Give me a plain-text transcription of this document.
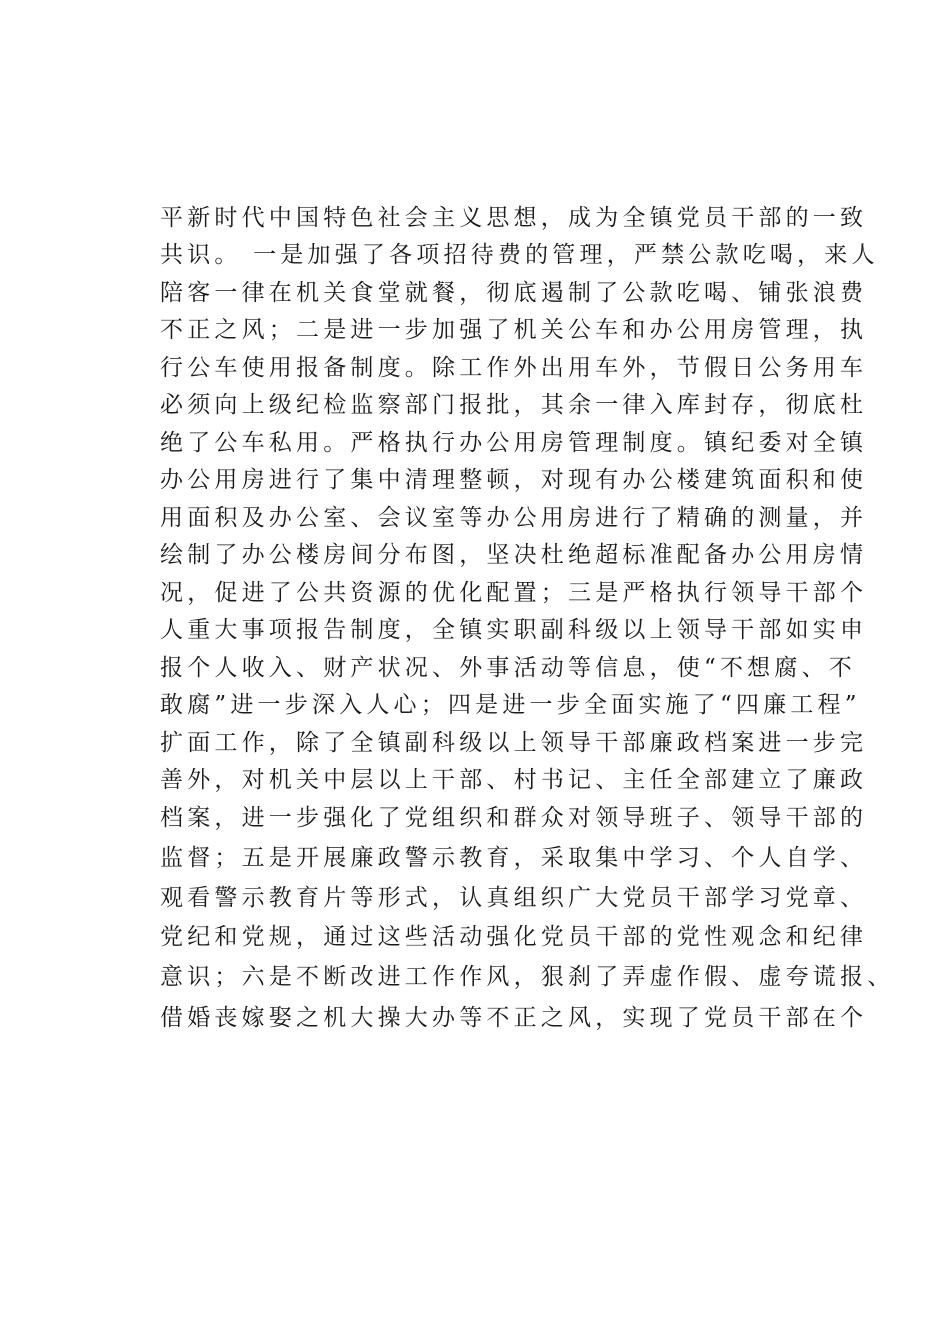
平新时代中国特色社会主义思想，成为全镇党员干部的一致
共识。 一是加强了各项招待费的管理，严禁公款吃喝，来人
陪客一律在机关食堂就餐，彻底遏制了公款吃喝、铺张浪费
不正之风；二是进一步加强了机关公车和办公用房管理，执
行公车使用报备制度。除工作外出用车外，节假日公务用车
必须向上级纪检监察部门报批，其余一律入库封存，彻底杜
绝了公车私用。严格执行办公用房管理制度。镇纪委对全镇
办公用房进行了集中清理整顿，对现有办公楼建筑面积和使
用面积及办公室、会议室等办公用房进行了精确的测量，并
绘制了办公楼房间分布图，坚决杜绝超标准配备办公用房情
况，促进了公共资源的优化配置；三是严格执行领导干部个
人重大事项报告制度，全镇实职副科级以上领导干部如实申
报个人收入、财产状况、外事活动等信息，使“不想腐、不
敢腐”进一步深入人心；四是进一步全面实施了“四廉工程”
扩面工作，除了全镇副科级以上领导干部廉政档案进一步完
善外，对机关中层以上干部、村书记、主任全部建立了廉政
档案，进一步强化了党组织和群众对领导班子、领导干部的
监督；五是开展廉政警示教育，采取集中学习、个人自学、
观看警示教育片等形式，认真组织广大党员干部学习党章、
党纪和党规，通过这些活动强化党员干部的党性观念和纪律
意识；六是不断改进工作作风，狠刹了弄虚作假、虚夸谎报、
借婚丧嫁娶之机大操大办等不正之风，实现了党员干部在个
